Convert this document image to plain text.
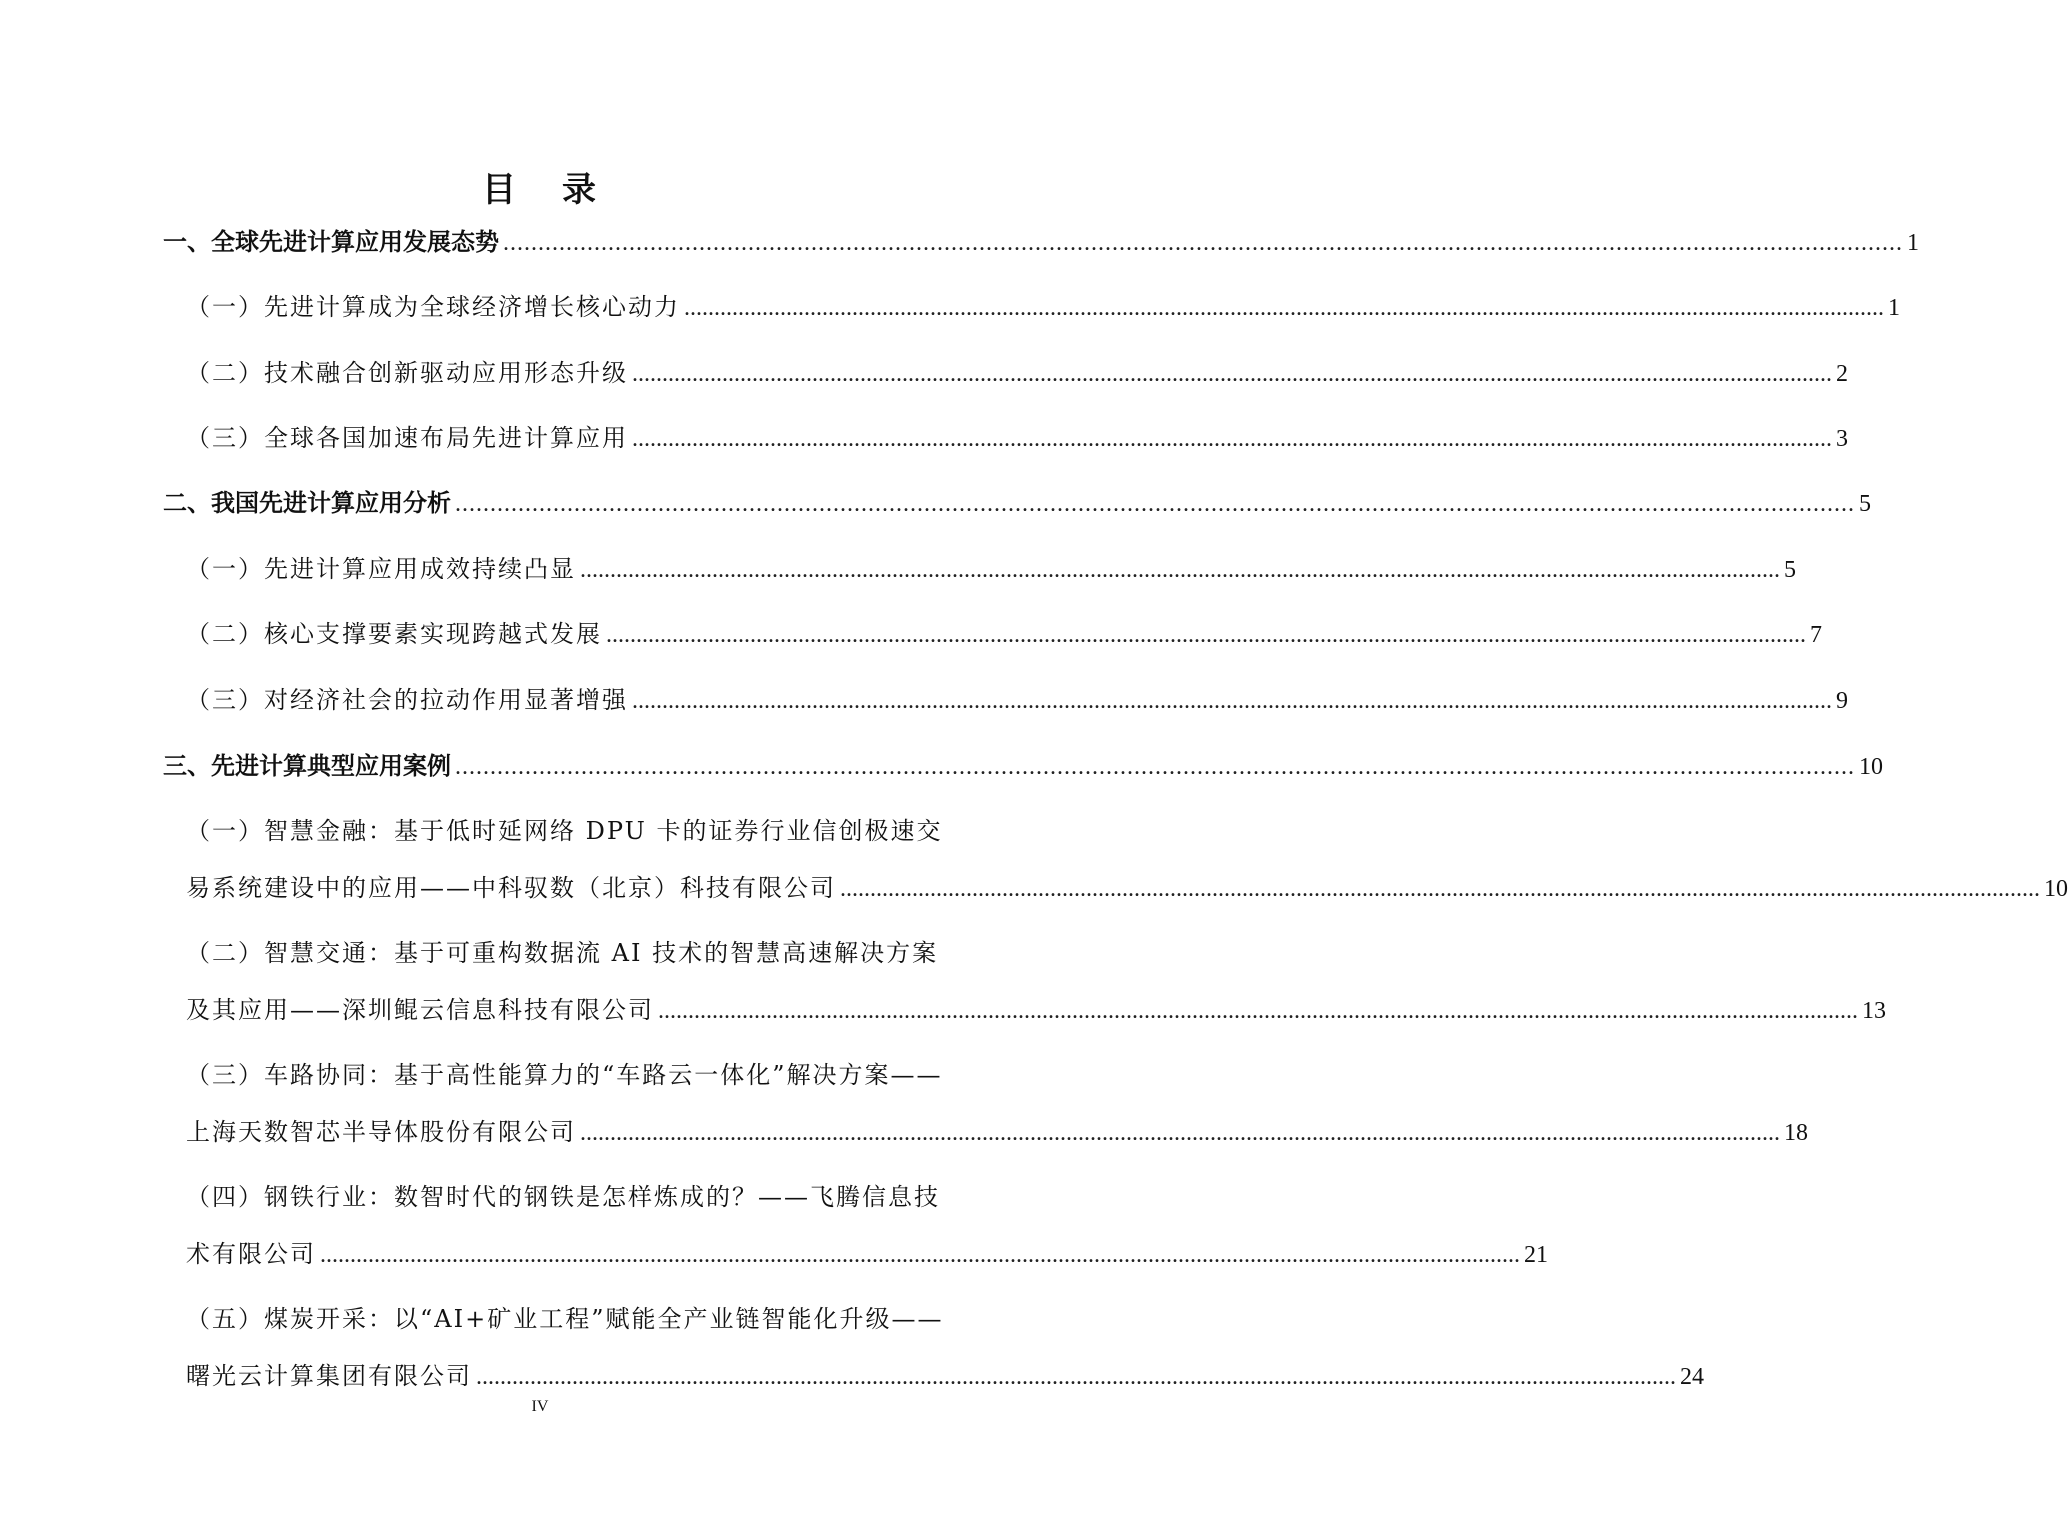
目 录
一、全球先进计算应用发展态势 ........................................................................................................................................................................................................ 1
（一）先进计算成为全球经济增长核心动力 ........................................................................................................................................................................................................ 1
（二）技术融合创新驱动应用形态升级 ........................................................................................................................................................................................................ 2
（三）全球各国加速布局先进计算应用 ........................................................................................................................................................................................................ 3
二、我国先进计算应用分析 ........................................................................................................................................................................................................ 5
（一）先进计算应用成效持续凸显 ........................................................................................................................................................................................................ 5
（二）核心支撑要素实现跨越式发展 ........................................................................................................................................................................................................ 7
（三）对经济社会的拉动作用显著增强 ........................................................................................................................................................................................................ 9
三、先进计算典型应用案例 ........................................................................................................................................................................................................ 10
（一）智慧金融：基于低时延网络 DPU 卡的证券行业信创极速交
易系统建设中的应用——中科驭数（北京）科技有限公司 ........................................................................................................................................................................................................ 10
（二）智慧交通：基于可重构数据流 AI 技术的智慧高速解决方案
及其应用——深圳鲲云信息科技有限公司 ........................................................................................................................................................................................................ 13
（三）车路协同：基于高性能算力的“车路云一体化”解决方案——
上海天数智芯半导体股份有限公司 ........................................................................................................................................................................................................ 18
（四）钢铁行业：数智时代的钢铁是怎样炼成的？——飞腾信息技
术有限公司 ........................................................................................................................................................................................................ 21
（五）煤炭开采：以“AI+矿业工程”赋能全产业链智能化升级——
曙光云计算集团有限公司 ........................................................................................................................................................................................................ 24
IV
